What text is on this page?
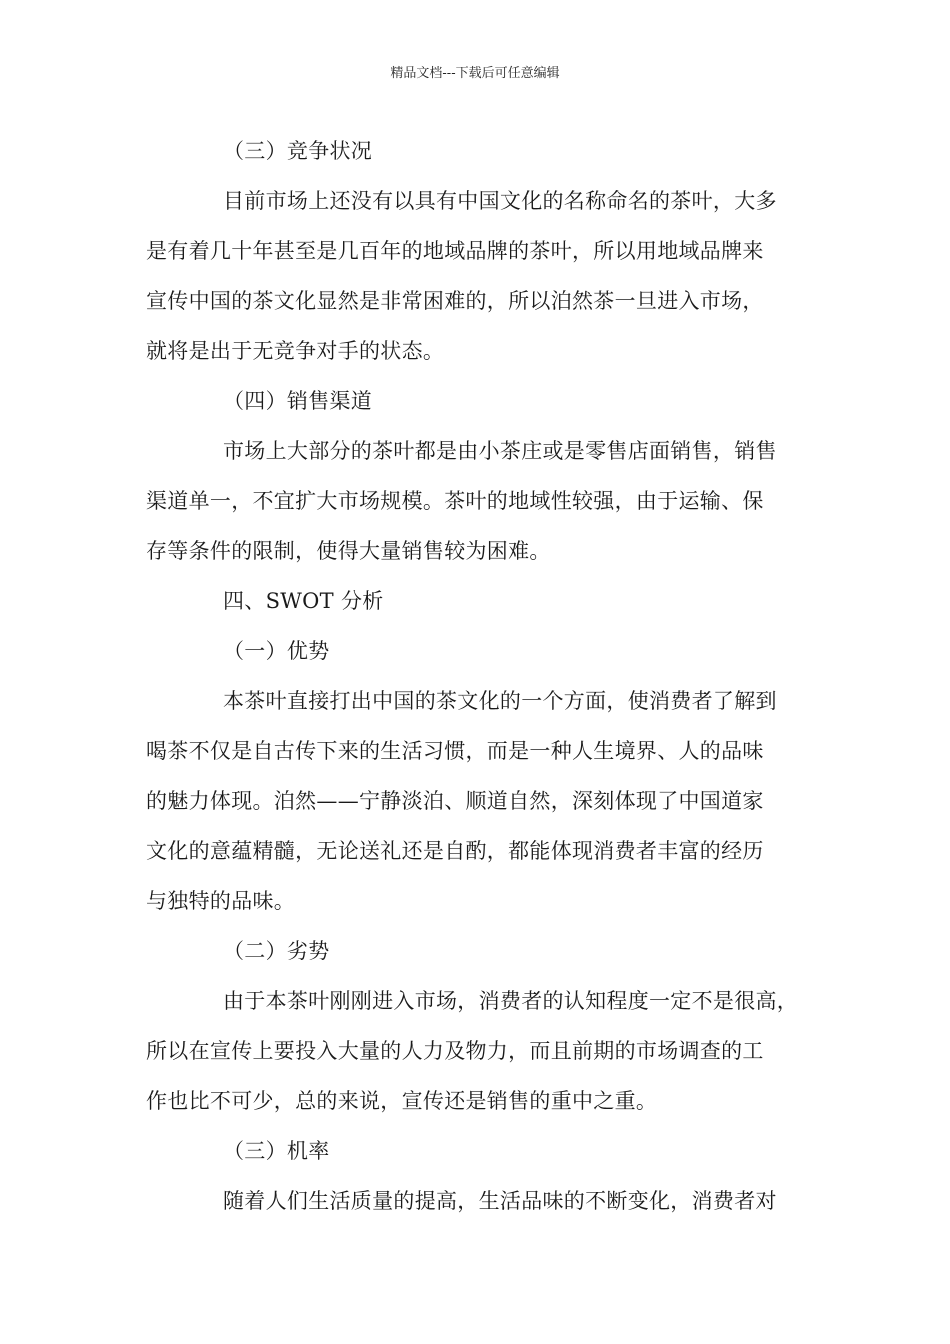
精品文档---下载后可任意编辑
（三）竞争状况
目前市场上还没有以具有中国文化的名称命名的茶叶，大多
是有着几十年甚至是几百年的地域品牌的茶叶，所以用地域品牌来
宣传中国的茶文化显然是非常困难的，所以泊然茶一旦进入市场，
就将是出于无竞争对手的状态。
（四）销售渠道
市场上大部分的茶叶都是由小茶庄或是零售店面销售，销售
渠道单一，不宜扩大市场规模。茶叶的地域性较强，由于运输、保
存等条件的限制，使得大量销售较为困难。
四、SWOT 分析
（一）优势
本茶叶直接打出中国的茶文化的一个方面，使消费者了解到
喝茶不仅是自古传下来的生活习惯，而是一种人生境界、人的品味
的魅力体现。泊然——宁静淡泊、顺道自然，深刻体现了中国道家
文化的意蕴精髓，无论送礼还是自酌，都能体现消费者丰富的经历
与独特的品味。
（二）劣势
由于本茶叶刚刚进入市场，消费者的认知程度一定不是很高，
所以在宣传上要投入大量的人力及物力，而且前期的市场调查的工
作也比不可少，总的来说，宣传还是销售的重中之重。
（三）机率
随着人们生活质量的提高，生活品味的不断变化，消费者对
